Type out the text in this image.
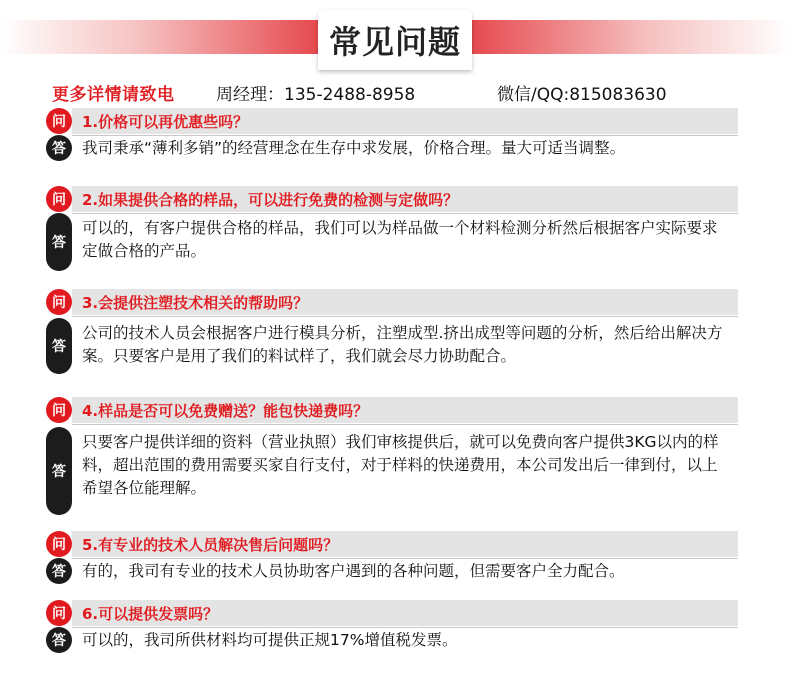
常见问题
更多详情请致电 周经理：135-2488-8958	微信/QQ:815083630
问	1.价格可以再优惠些吗？
答	我司秉承“薄利多销”的经营理念在生存中求发展，价格合理。量大可适当调整。
问	2.如果提供合格的样品，可以进行免费的检测与定做吗？
答
可以的，有客户提供合格的样品，我们可以为样品做一个材料检测分析然后根据客户实际要求定做合格的产品。
问	3.会提供注塑技术相关的帮助吗？
答
公司的技术人员会根据客户进行模具分析，注塑成型.挤出成型等问题的分析，然后给出解决方案。只要客户是用了我们的料试样了，我们就会尽力协助配合。
问	4.样品是否可以免费赠送？能包快递费吗？
答
只要客户提供详细的资料（营业执照）我们审核提供后，就可以免费向客户提供3KG以内的样料，超出范围的费用需要买家自行支付，对于样料的快递费用，本公司发出后一律到付，以上希望各位能理解。
问	5.有专业的技术人员解决售后问题吗？
答	有的，我司有专业的技术人员协助客户遇到的各种问题，但需要客户全力配合。
问	6.可以提供发票吗？
答	可以的，我司所供材料均可提供正规17%增值税发票。
